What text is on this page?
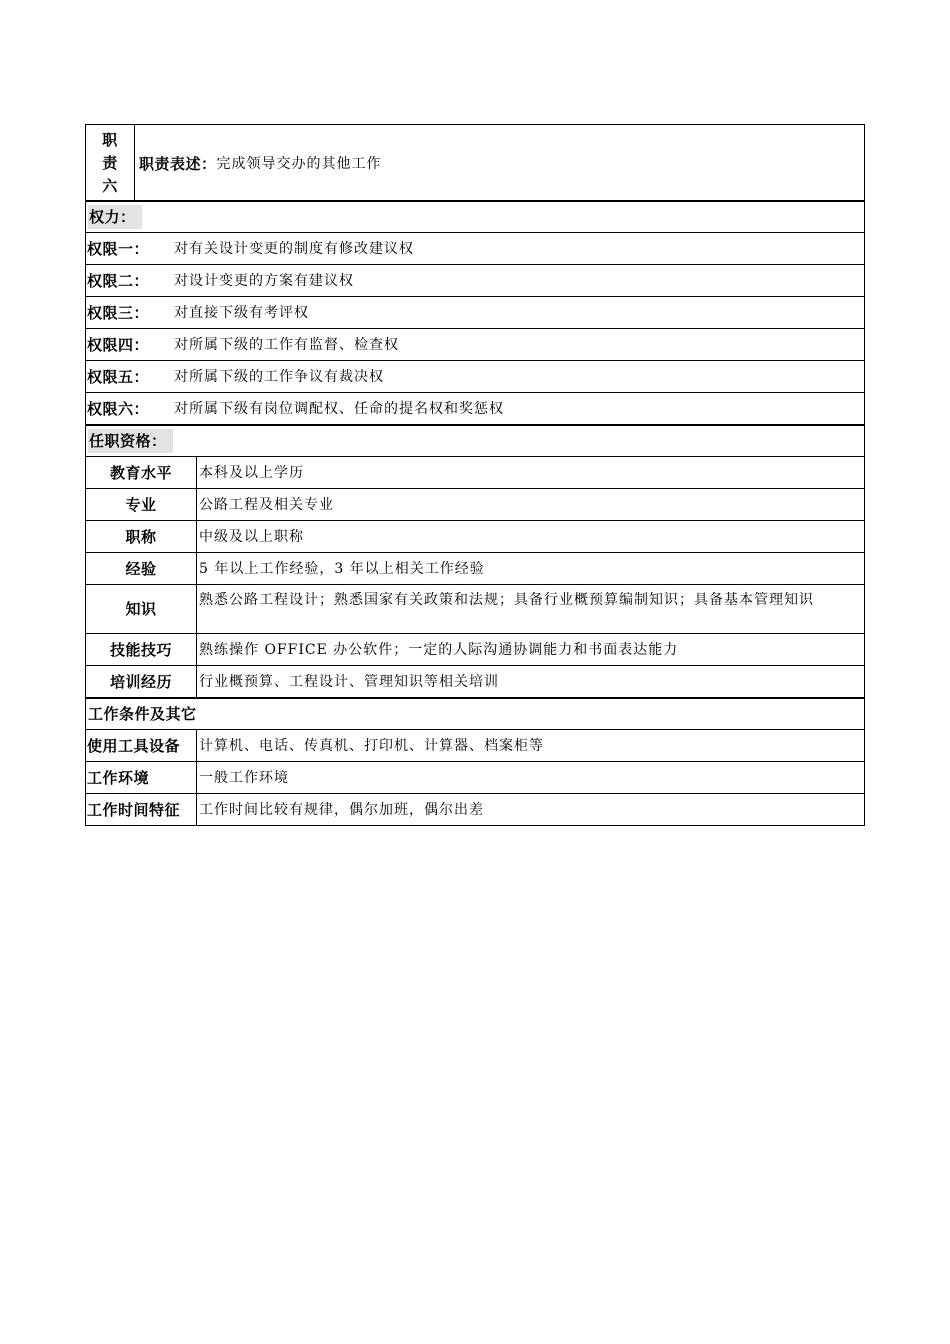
职
责
六
职责表述： 完成领导交办的其他工作
权力：
权限一：	对有关设计变更的制度有修改建议权
权限二：	对设计变更的方案有建议权
权限三：	对直接下级有考评权
权限四：	对所属下级的工作有监督、检查权
权限五：	对所属下级的工作争议有裁决权
权限六：	对所属下级有岗位调配权、任命的提名权和奖惩权
任职资格：
教育水平	本科及以上学历
专业	公路工程及相关专业
职称	中级及以上职称
经验	5 年以上工作经验，3 年以上相关工作经验
知识	熟悉公路工程设计；熟悉国家有关政策和法规；具备行业概预算编制知识；具备基本管理知识
技能技巧	熟练操作 OFFICE 办公软件；一定的人际沟通协调能力和书面表达能力
培训经历	行业概预算、工程设计、管理知识等相关培训
工作条件及其它
使用工具设备	计算机、电话、传真机、打印机、计算器、档案柜等
工作环境	一般工作环境
工作时间特征	工作时间比较有规律，偶尔加班，偶尔出差
